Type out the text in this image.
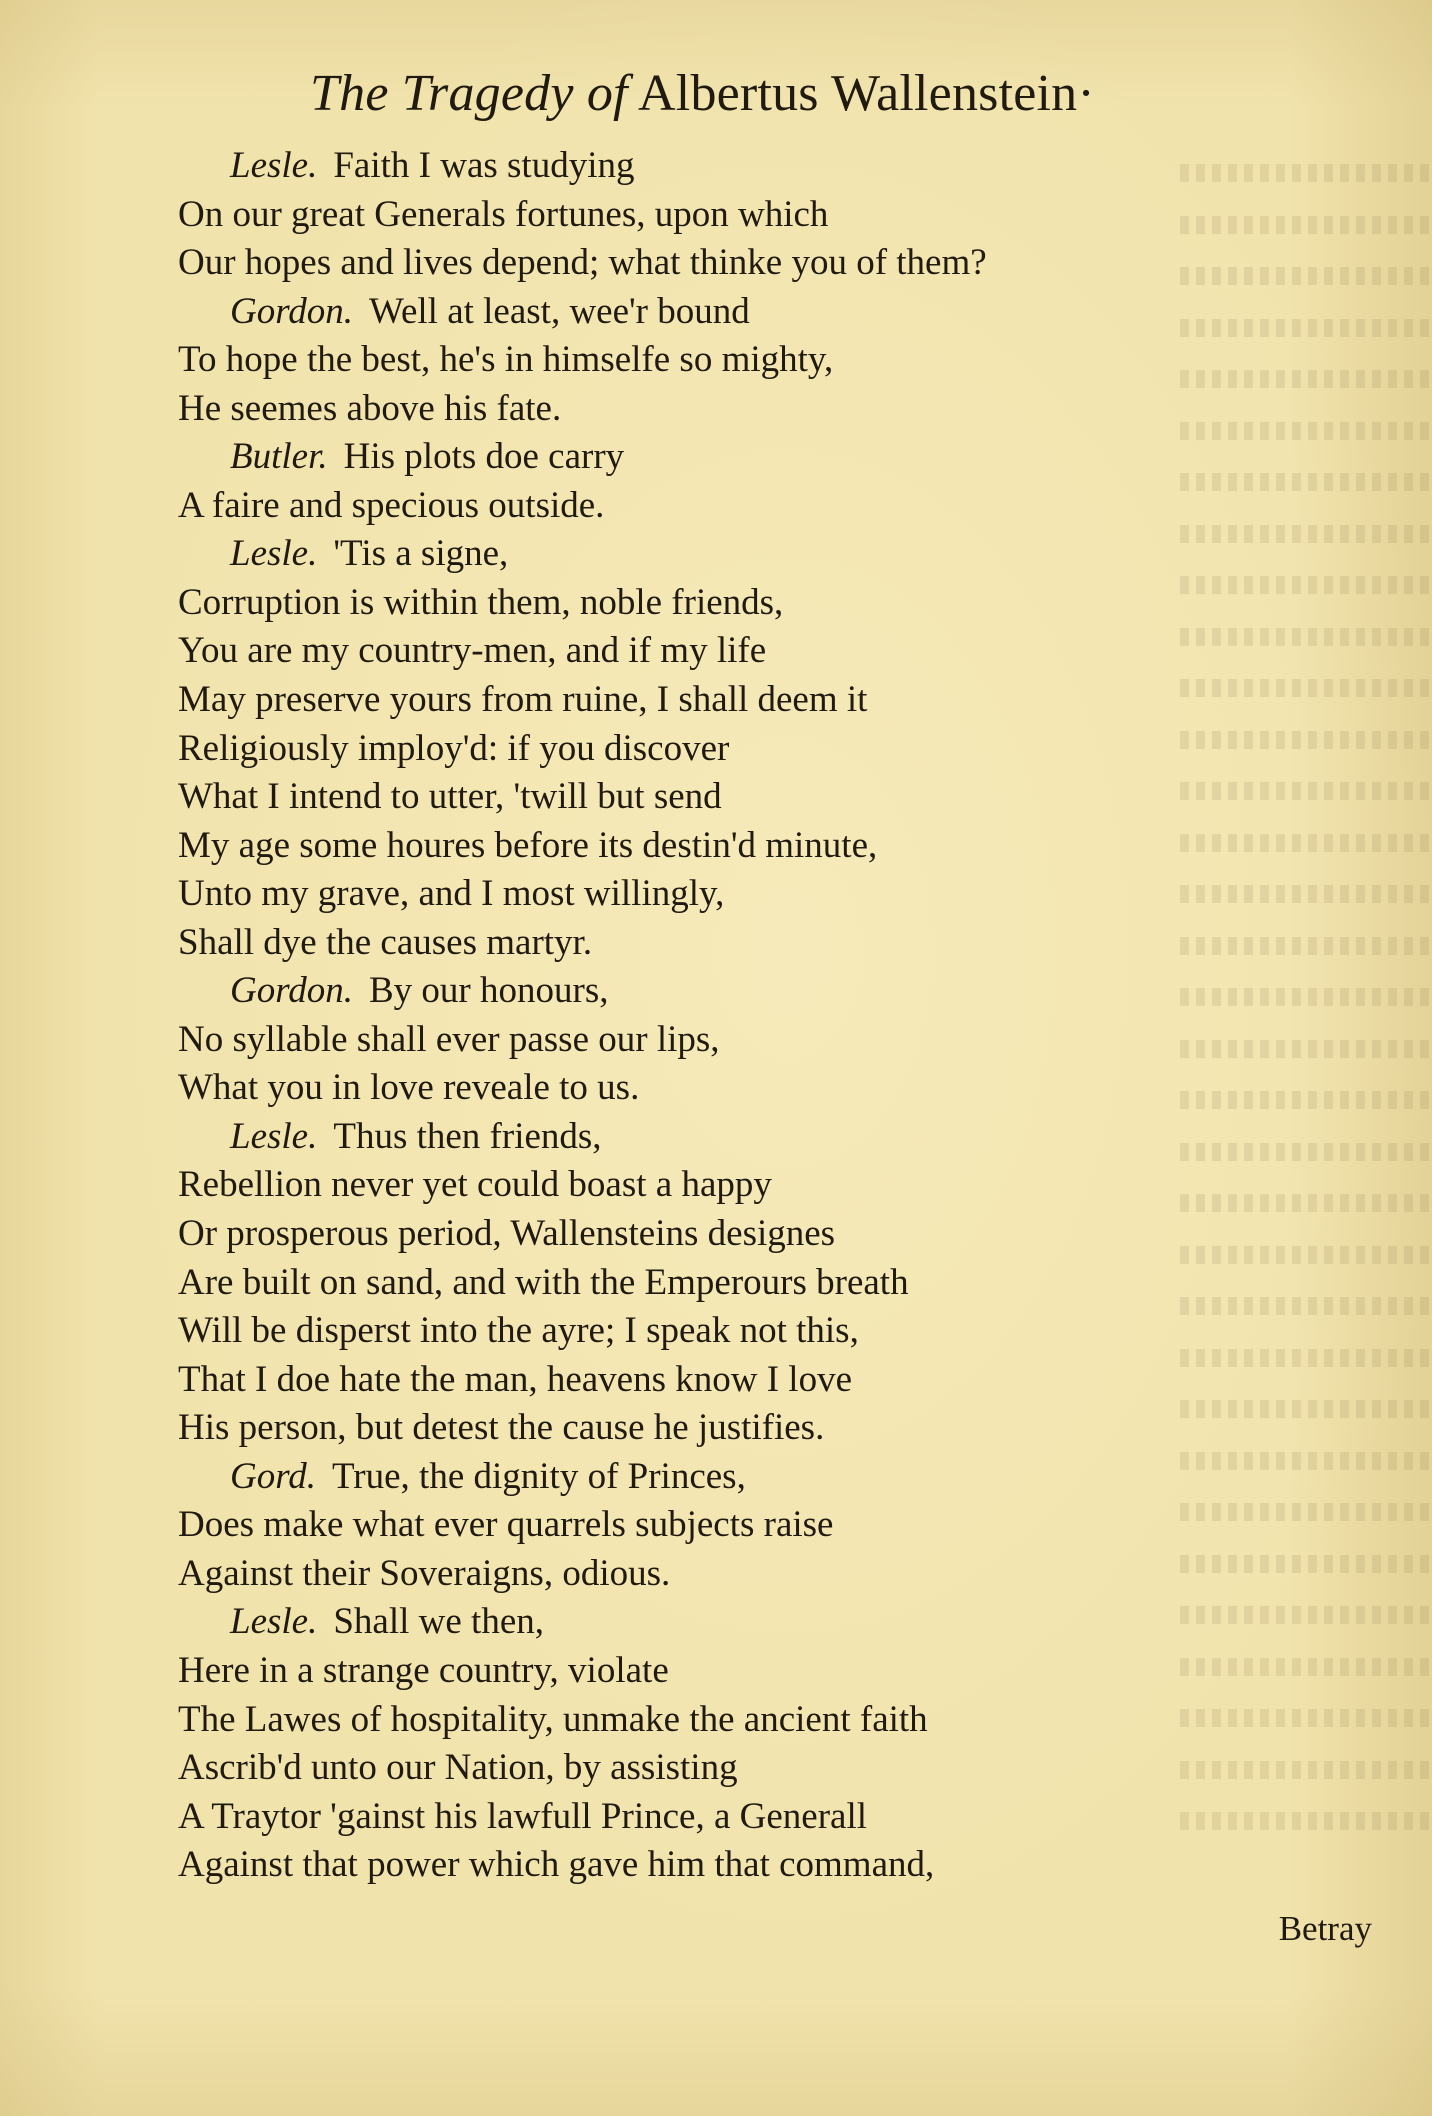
The Tragedy of Albertus Wallenstein·
Lesle. Faith I was studying
On our great Generals fortunes, upon which
Our hopes and lives depend; what thinke you of them?
Gordon. Well at least, wee'r bound
To hope the best, he's in himselfe so mighty,
He seemes above his fate.
Butler. His plots doe carry
A faire and specious outside.
Lesle. 'Tis a signe,
Corruption is within them, noble friends,
You are my country-men, and if my life
May preserve yours from ruine, I shall deem it
Religiously imploy'd: if you discover
What I intend to utter, 'twill but send
My age some houres before its destin'd minute,
Unto my grave, and I most willingly,
Shall dye the causes martyr.
Gordon. By our honours,
No syllable shall ever passe our lips,
What you in love reveale to us.
Lesle. Thus then friends,
Rebellion never yet could boast a happy
Or prosperous period, Wallensteins designes
Are built on sand, and with the Emperours breath
Will be disperst into the ayre; I speak not this,
That I doe hate the man, heavens know I love
His person, but detest the cause he justifies.
Gord. True, the dignity of Princes,
Does make what ever quarrels subjects raise
Against their Soveraigns, odious.
Lesle. Shall we then,
Here in a strange country, violate
The Lawes of hospitality, unmake the ancient faith
Ascrib'd unto our Nation, by assisting
A Traytor 'gainst his lawfull Prince, a Generall
Against that power which gave him that command,
Betray
